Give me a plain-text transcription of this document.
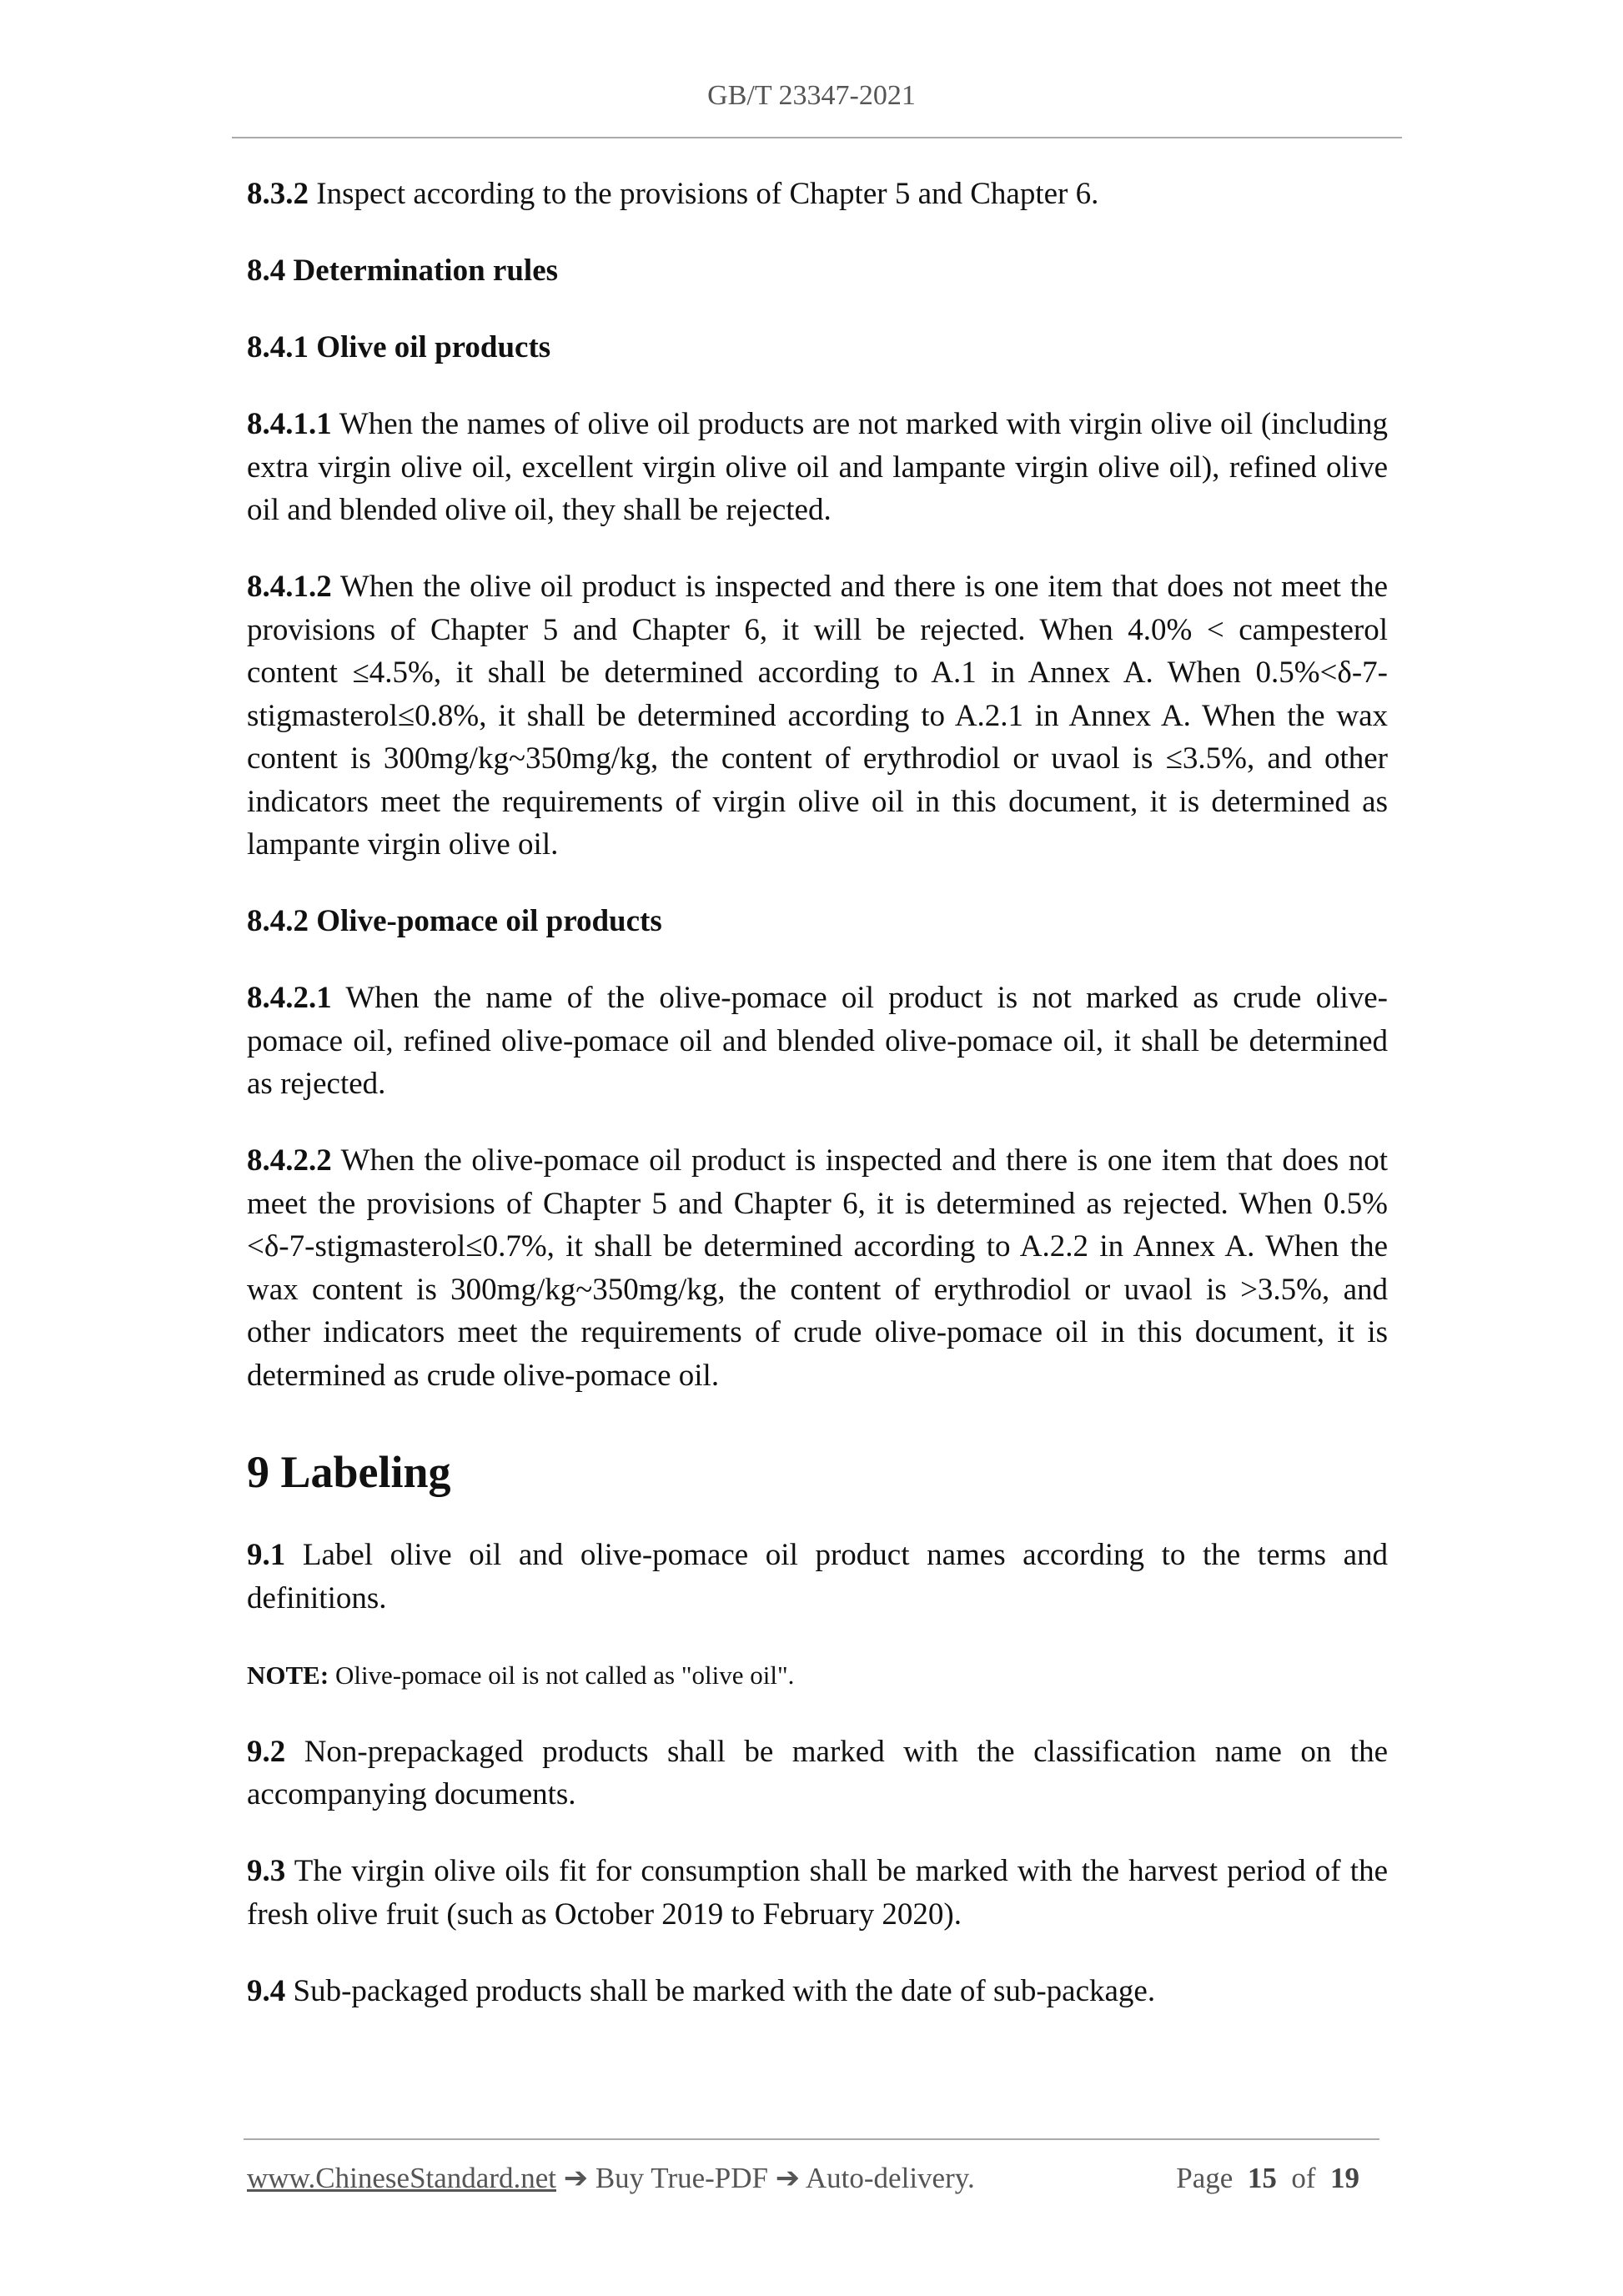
GB/T 23347-2021

8.3.2 Inspect according to the provisions of Chapter 5 and Chapter 6.

8.4 Determination rules

8.4.1 Olive oil products

8.4.1.1 When the names of olive oil products are not marked with virgin olive oil (including extra virgin olive oil, excellent virgin olive oil and lampante virgin olive oil), refined olive oil and blended olive oil, they shall be rejected.

8.4.1.2 When the olive oil product is inspected and there is one item that does not meet the provisions of Chapter 5 and Chapter 6, it will be rejected. When 4.0% < campesterol content ≤4.5%, it shall be determined according to A.1 in Annex A. When 0.5%<δ-7-stigmasterol≤0.8%, it shall be determined according to A.2.1 in Annex A. When the wax content is 300mg/kg~350mg/kg, the content of erythrodiol or uvaol is ≤3.5%, and other indicators meet the requirements of virgin olive oil in this document, it is determined as lampante virgin olive oil.

8.4.2 Olive-pomace oil products

8.4.2.1 When the name of the olive-pomace oil product is not marked as crude olive-pomace oil, refined olive-pomace oil and blended olive-pomace oil, it shall be determined as rejected.

8.4.2.2 When the olive-pomace oil product is inspected and there is one item that does not meet the provisions of Chapter 5 and Chapter 6, it is determined as rejected. When 0.5%<δ-7-stigmasterol≤0.7%, it shall be determined according to A.2.2 in Annex A. When the wax content is 300mg/kg~350mg/kg, the content of erythrodiol or uvaol is >3.5%, and other indicators meet the requirements of crude olive-pomace oil in this document, it is determined as crude olive-pomace oil.

9 Labeling

9.1 Label olive oil and olive-pomace oil product names according to the terms and definitions.

NOTE: Olive-pomace oil is not called as "olive oil".

9.2 Non-prepackaged products shall be marked with the classification name on the accompanying documents.

9.3 The virgin olive oils fit for consumption shall be marked with the harvest period of the fresh olive fruit (such as October 2019 to February 2020).

9.4 Sub-packaged products shall be marked with the date of sub-package.

www.ChineseStandard.net ➔ Buy True-PDF ➔ Auto-delivery.	Page 15 of 19
